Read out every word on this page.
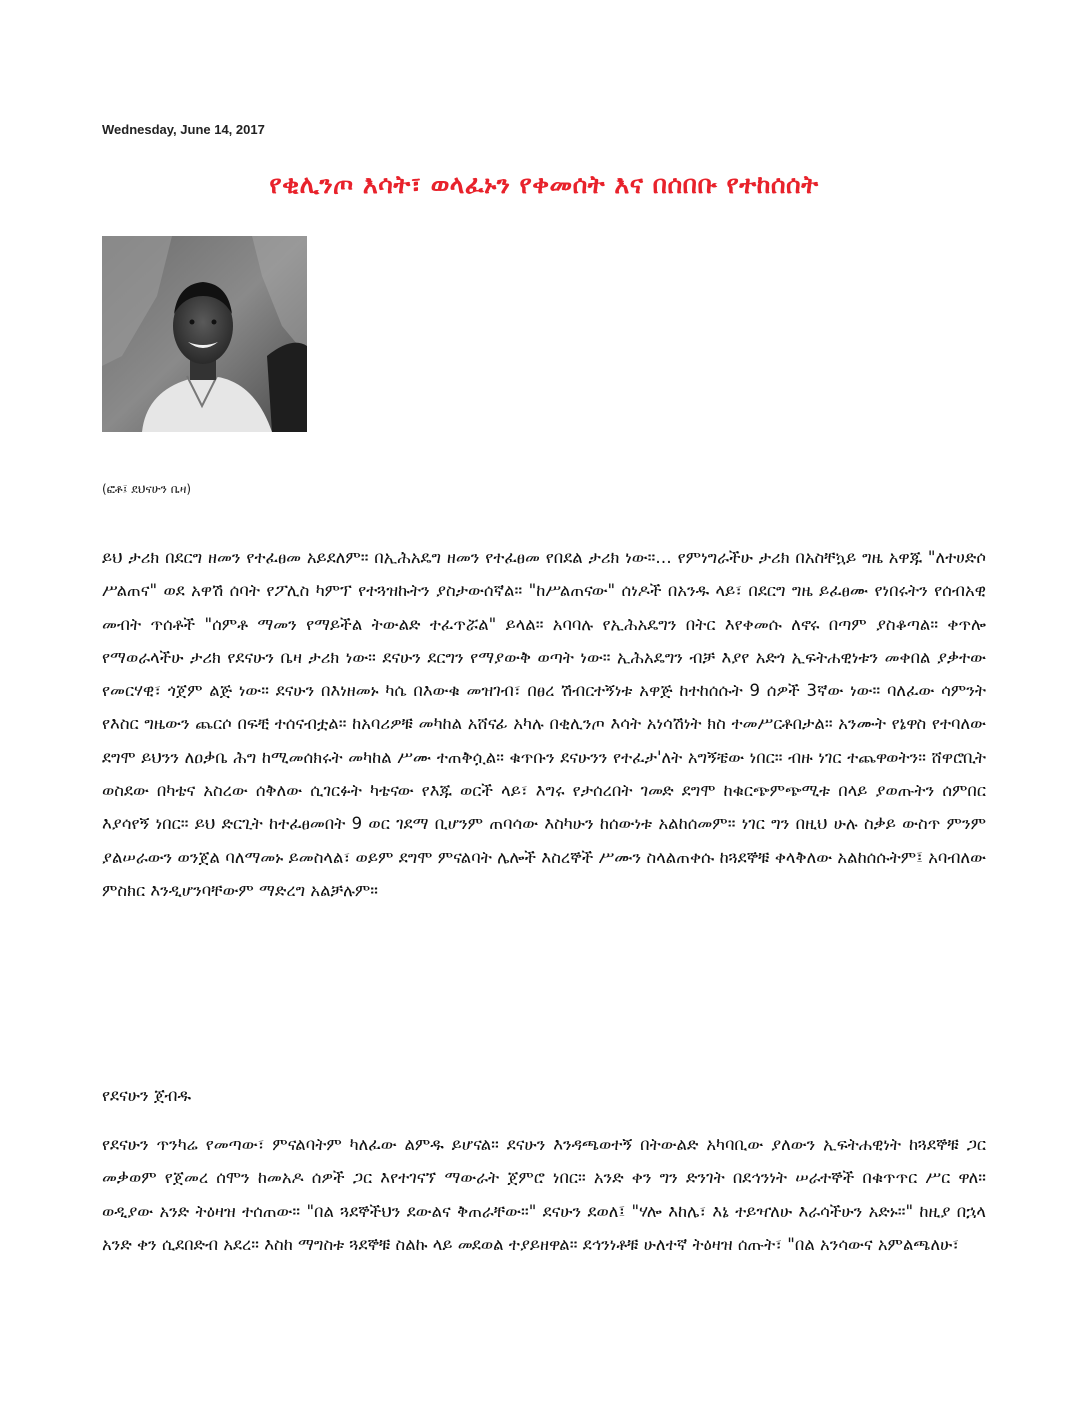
Wednesday, June 14, 2017
የቂሊንጦ እሳት፣ ወላፈኑን የቀመሰት እና በሰበቡ የተከሰሰት
(ፎቶ፤ ደህናሁን ቤዛ)

ይህ ታሪክ በደርግ ዘመን የተፈፀመ አይደለም። በኢሕአዴግ ዘመን የተፈፀመ የበደል ታሪክ ነው።… የምነግራችሁ ታሪክ በአስቸኳይ ግዜ አዋጁ "ለተሀድሶ ሥልጠና" ወደ አዋሽ ሰባት የፖሊስ ካምፕ የተጓዝኩትን ያስታውሰኛል። "ከሥልጠናው" ሰነዶች በአንዱ ላይ፣ በደርግ ግዜ ይፈፀሙ የነበሩትን የሰብአዊ መብት ጥሰቶች "ሰምቶ ማመን የማይችል ትውልድ ተፈጥሯል" ይላል። አባባሉ የኢሕአዴግን በትር እየቀመሱ ለኖሩ በጣም ያስቆጣል። ቀጥሎ የማወራላችሁ ታሪክ የደናሁን ቤዛ ታሪክ ነው። ደናሁን ደርግን የማያውቅ ወጣት ነው። ኢሕአዴግን ብቻ እያየ አድጎ ኢፍትሐዊነቱን መቀበል ያቃተው የመርሃዊ፣ ጎጀም ልጅ ነው። ደናሁን በእነዘመኑ ካሴ በእውቁ መዝገብ፣ በፀረ ሽብርተኝነቱ አዋጅ ከተከሰሱት 9 ሰዎች 3ኛው ነው። ባለፈው ሳምንት የእስር ግዜውን ጨርሶ በፍቺ ተሰናብቷል። ከአባሪዎቹ መካከል አሸናፊ አካሉ በቂሊንጦ እሳት አነሳሽነት ክስ ተመሥርቶበታል። አንሙት የኔዋስ የተባለው ደግሞ ይህንን ለዐቃቤ ሕግ ከሚመሰክሩት መካከል ሥሙ ተጠቅሷል። ቁጥቡን ደናሁንን የተፈታ'ለት አግኝቼው ነበር። ብዙ ነገር ተጨዋወትን። ሸዋሮቢት ወስደው በካቴና አስረው ሰቅለው ሲገርፉት ካቴናው የእጁ ወርች ላይ፣ እግሩ የታሰረበት ገመድ ደግሞ ከቁርጭምጭሚቱ በላይ ያወጡትን ሰምበር እያሳየኝ ነበር። ይህ ድርጊት ከተፈፀመበት 9 ወር ገደማ ቢሆንም ጠባሳው እስካሁን ከሰውነቱ አልከሰመም። ነገር ግን በዚህ ሁሉ ስቃይ ውስጥ ምንም ያልሠራውን ወንጀል ባለማመኑ ይመስላል፣ ወይም ደግሞ ምናልባት ሌሎች እስረኞች ሥሙን ስላልጠቀሱ ከጓደኞቹ ቀላቅለው አልከሰሱትም፤ አባብለው ምስክር እንዲሆንባቸውም ማድረግ አልቻሉም።

የደናሁን ጀብዱ

የደናሁን ጥንካሬ የመጣው፣ ምናልባትም ካለፈው ልምዱ ይሆናል። ደናሁን እንዳጫወተኝ በትውልድ አካባቢው ያለውን ኢፍትሐዊነት ከጓደኞቹ ጋር መቃወም የጀመረ ሰሞን ከመአዶ ሰዎች ጋር እየተገናኘ ማውራት ጀምሮ ነበር። አንድ ቀን ግን ድንገት በደኅንነት ሠራተኞች በቁጥጥር ሥር ዋለ። ወዲያው አንድ ትዕዛዝ ተሰጠው። "በል ጓደኞችህን ደውልና ቅጠራቸው።" ደናሁን ደወለ፤ "ሃሎ እከሌ፣ እኔ ተይዣለሁ እራሳችሁን አድኑ።" ከዚያ በኋላ አንድ ቀን ሲደበድብ አደረ። እስከ ማግስቱ ጓደኞቹ ስልኩ ላይ መደወል ተያይዘዋል። ደኅንነቶቹ ሁለተኛ ትዕዛዝ ሰጡት፣ "በል አንሳውና አምልጫለሁ፣
